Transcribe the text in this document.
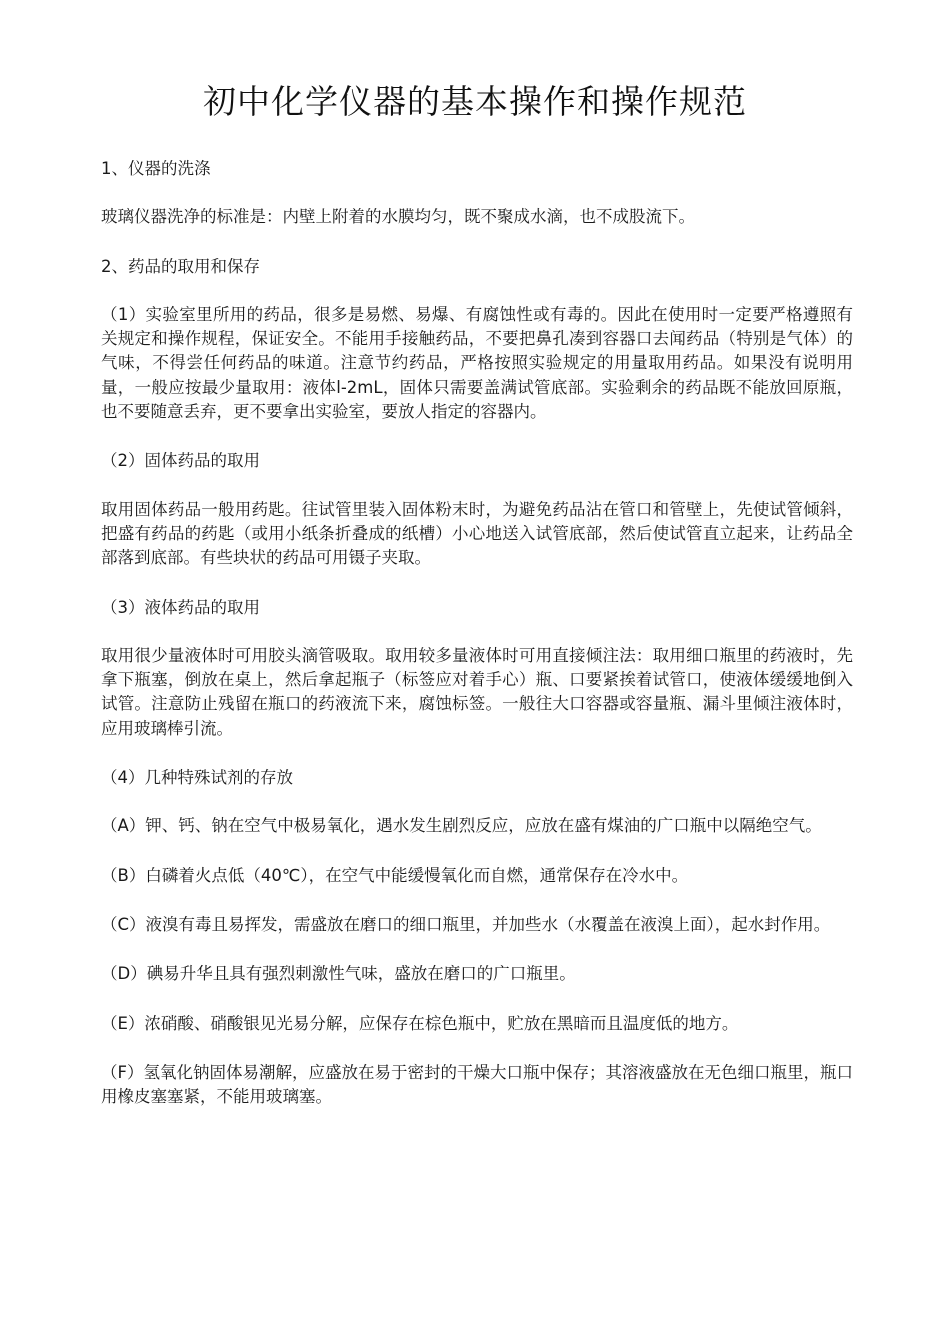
初中化学仪器的基本操作和操作规范

1、仪器的洗涤

玻璃仪器洗净的标准是：内壁上附着的水膜均匀，既不聚成水滴，也不成股流下。

2、药品的取用和保存

（1）实验室里所用的药品，很多是易燃、易爆、有腐蚀性或有毒的。因此在使用时一定要严格遵照有关规定和操作规程，保证安全。不能用手接触药品，不要把鼻孔凑到容器口去闻药品（特别是气体）的气味，不得尝任何药品的味道。注意节约药品，严格按照实验规定的用量取用药品。如果没有说明用量，一般应按最少量取用：液体l-2mL，固体只需要盖满试管底部。实验剩余的药品既不能放回原瓶，也不要随意丢弃，更不要拿出实验室，要放人指定的容器内。

（2）固体药品的取用

取用固体药品一般用药匙。往试管里装入固体粉末时，为避免药品沾在管口和管壁上，先使试管倾斜，把盛有药品的药匙（或用小纸条折叠成的纸槽）小心地送入试管底部，然后使试管直立起来，让药品全部落到底部。有些块状的药品可用镊子夹取。

（3）液体药品的取用

取用很少量液体时可用胶头滴管吸取。取用较多量液体时可用直接倾注法：取用细口瓶里的药液时，先拿下瓶塞，倒放在桌上，然后拿起瓶子（标签应对着手心）瓶、口要紧挨着试管口，使液体缓缓地倒入试管。注意防止残留在瓶口的药液流下来，腐蚀标签。一般往大口容器或容量瓶、漏斗里倾注液体时，应用玻璃棒引流。

（4）几种特殊试剂的存放

（A）钾、钙、钠在空气中极易氧化，遇水发生剧烈反应，应放在盛有煤油的广口瓶中以隔绝空气。

（B）白磷着火点低（40℃），在空气中能缓慢氧化而自燃，通常保存在冷水中。

（C）液溴有毒且易挥发，需盛放在磨口的细口瓶里，并加些水（水覆盖在液溴上面），起水封作用。

（D）碘易升华且具有强烈刺激性气味，盛放在磨口的广口瓶里。

（E）浓硝酸、硝酸银见光易分解，应保存在棕色瓶中，贮放在黑暗而且温度低的地方。

（F）氢氧化钠固体易潮解，应盛放在易于密封的干燥大口瓶中保存；其溶液盛放在无色细口瓶里，瓶口用橡皮塞塞紧，不能用玻璃塞。
